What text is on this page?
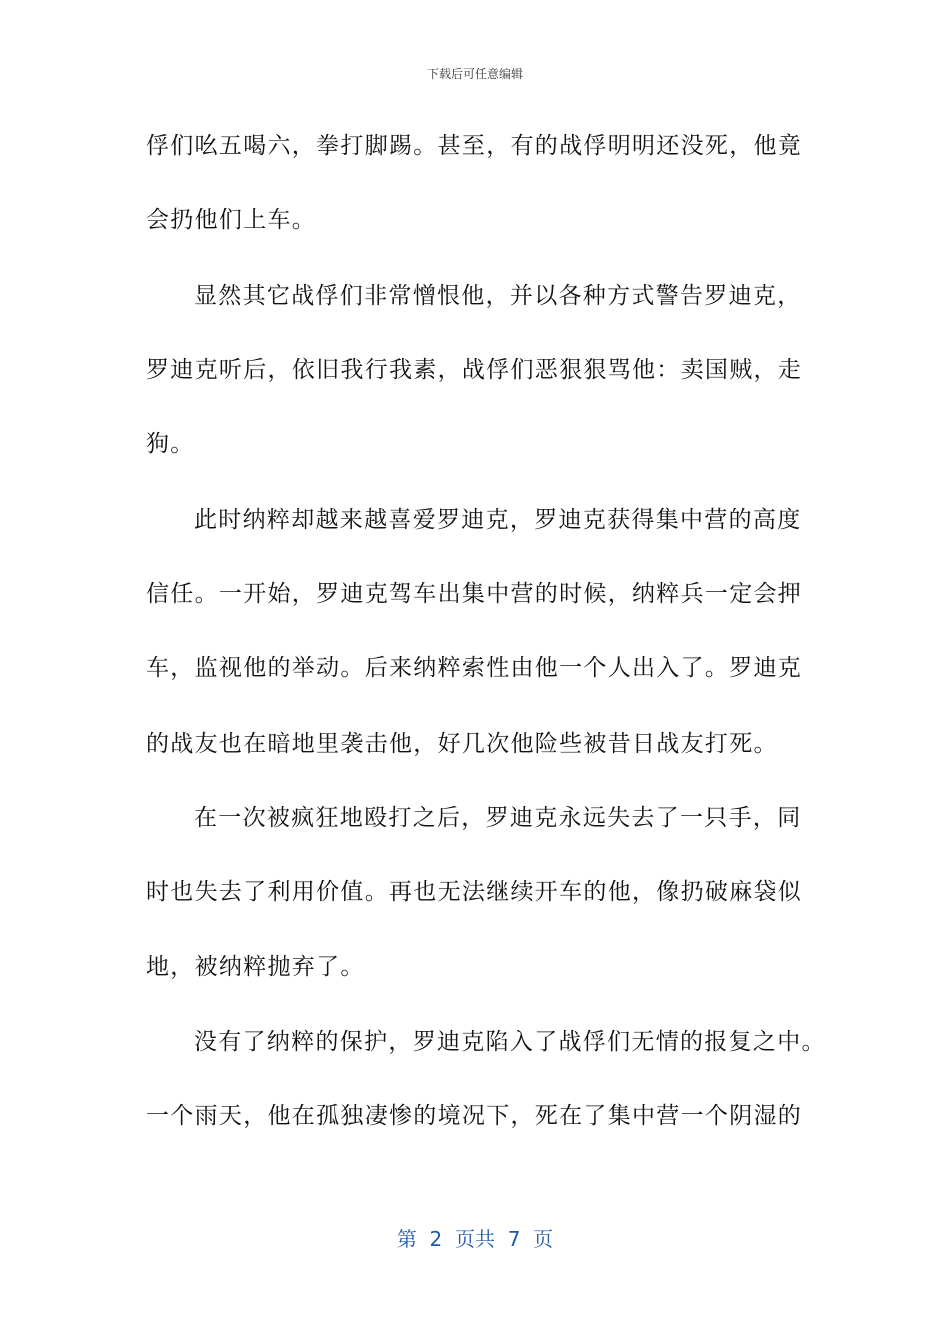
下载后可任意编辑
俘们吆五喝六，拳打脚踢。甚至，有的战俘明明还没死，他竟
会扔他们上车。
显然其它战俘们非常憎恨他，并以各种方式警告罗迪克，
罗迪克听后，依旧我行我素，战俘们恶狠狠骂他：卖国贼，走
狗。
此时纳粹却越来越喜爱罗迪克，罗迪克获得集中营的高度
信任。一开始，罗迪克驾车出集中营的时候，纳粹兵一定会押
车，监视他的举动。后来纳粹索性由他一个人出入了。罗迪克
的战友也在暗地里袭击他，好几次他险些被昔日战友打死。
在一次被疯狂地殴打之后，罗迪克永远失去了一只手，同
时也失去了利用价值。再也无法继续开车的他，像扔破麻袋似
地，被纳粹抛弃了。
没有了纳粹的保护，罗迪克陷入了战俘们无情的报复之中。
一个雨天，他在孤独凄惨的境况下，死在了集中营一个阴湿的
第  2  页共  7  页
